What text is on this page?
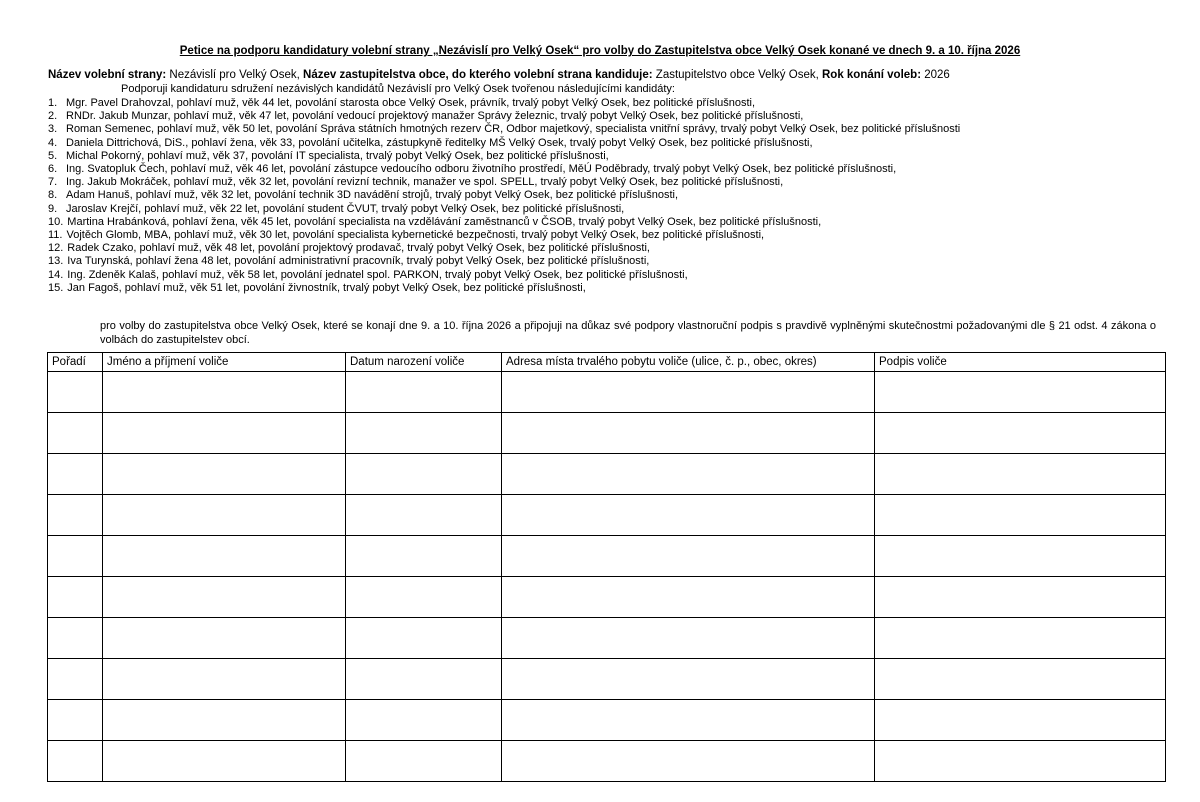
Petice na podporu kandidatury volební strany „Nezávislí pro Velký Osek“ pro volby do Zastupitelstva obce Velký Osek konané ve dnech 9. a 10. října 2026
Název volební strany: Nezávislí pro Velký Osek, Název zastupitelstva obce, do kterého volební strana kandiduje: Zastupitelstvo obce Velký Osek, Rok konání voleb: 2026
Podporuji kandidaturu sdružení nezávislých kandidátů Nezávislí pro Velký Osek tvořenou následujícími kandidáty:
1. Mgr. Pavel Drahovzal, pohlaví muž, věk 44 let, povolání starosta obce Velký Osek, právník, trvalý pobyt Velký Osek, bez politické příslušnosti,
2. RNDr. Jakub Munzar, pohlaví muž, věk 47 let, povolání vedoucí projektový manažer Správy železnic, trvalý pobyt Velký Osek, bez politické příslušnosti,
3. Roman Semenec, pohlaví muž, věk 50 let, povolání Správa státních hmotných rezerv ČR, Odbor majetkový, specialista vnitřní správy, trvalý pobyt Velký Osek, bez politické příslušnosti
4. Daniela Dittrichová, DiS., pohlaví žena, věk 33, povolání učitelka, zástupkyně ředitelky MŠ Velký Osek, trvalý pobyt Velký Osek, bez politické příslušnosti,
5. Michal Pokorný, pohlaví muž, věk 37, povolání IT specialista, trvalý pobyt Velký Osek, bez politické příslušnosti,
6. Ing. Svatopluk Čech, pohlaví muž, věk 46 let, povolání zástupce vedoucího odboru životního prostředí, MěÚ Poděbrady, trvalý pobyt Velký Osek, bez politické příslušnosti,
7. Ing. Jakub Mokráček, pohlaví muž, věk 32 let, povolání revizní technik, manažer ve spol. SPELL, trvalý pobyt Velký Osek, bez politické příslušnosti,
8. Adam Hanuš, pohlaví muž, věk 32 let, povolání technik 3D navádění strojů, trvalý pobyt Velký Osek, bez politické příslušnosti,
9. Jaroslav Krejčí, pohlaví muž, věk 22 let, povolání student ČVUT, trvalý pobyt Velký Osek, bez politické příslušnosti,
10. Martina Hrabánková, pohlaví žena, věk 45 let, povolání specialista na vzdělávání zaměstnanců v ČSOB, trvalý pobyt Velký Osek, bez politické příslušnosti,
11. Vojtěch Glomb, MBA, pohlaví muž, věk 30 let, povolání specialista kybernetické bezpečnosti, trvalý pobyt Velký Osek, bez politické příslušnosti,
12. Radek Czako, pohlaví muž, věk 48 let, povolání projektový prodavač, trvalý pobyt Velký Osek, bez politické příslušnosti,
13. Iva Turynská, pohlaví žena 48 let, povolání administrativní pracovník, trvalý pobyt Velký Osek, bez politické příslušnosti,
14. Ing. Zdeněk Kalaš, pohlaví muž, věk 58 let, povolání jednatel spol. PARKON, trvalý pobyt Velký Osek, bez politické příslušnosti,
15. Jan Fagoš, pohlaví muž, věk 51 let, povolání živnostník, trvalý pobyt Velký Osek, bez politické příslušnosti,
pro volby do zastupitelstva obce Velký Osek, které se konají dne 9. a 10. října 2026 a připojuji na důkaz své podpory vlastnoruční podpis s pravdivě vyplněnými skutečnostmi požadovanými dle § 21 odst. 4 zákona o volbách do zastupitelstev obcí.
Pořadí	Jméno a příjmení voliče	Datum narození voliče	Adresa místa trvalého pobytu voliče (ulice, č. p., obec, okres)	Podpis voliče
